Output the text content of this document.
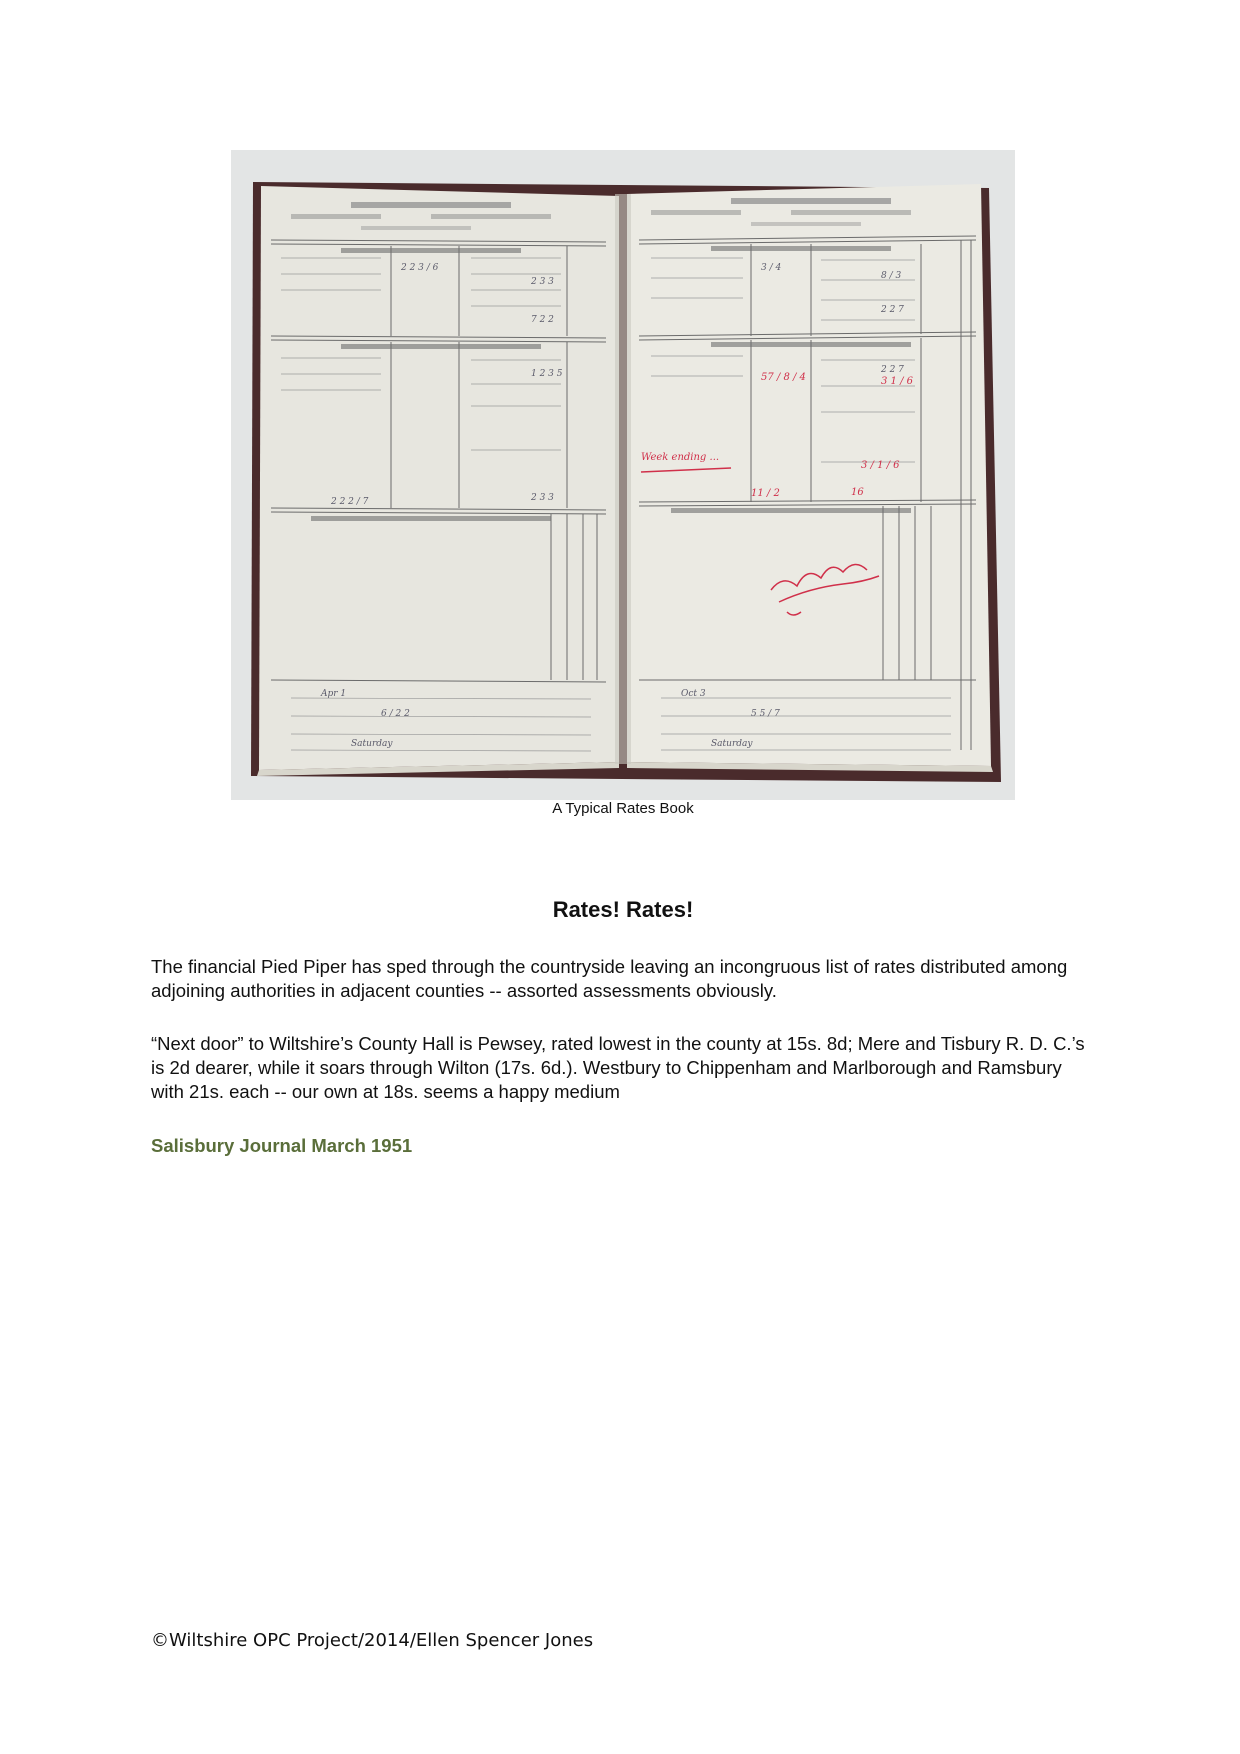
2 2 3 / 6
2 3 3
7 2 2
1 2 3 5
2 3 3
2 2 2 / 7
Apr 1
6 / 2 2
Saturday
3 / 4
8 / 3
2 2 7
2 2 7
Oct 3
5 5 / 7
Saturday
57 / 8 / 4	3 1 / 6
Week ending ...
11 / 2
3 / 1 / 6
16
A Typical Rates Book
Rates! Rates!

The financial Pied Piper has sped through the countryside leaving an incongruous list of rates distributed among adjoining authorities in adjacent counties -- assorted assessments obviously.

“Next door” to Wiltshire’s County Hall is Pewsey, rated lowest in the county at 15s. 8d; Mere and Tisbury R. D. C.’s is 2d dearer, while it soars through Wilton (17s. 6d.). Westbury to Chippenham and Marlborough and Ramsbury with 21s. each -- our own at 18s. seems a happy medium

Salisbury Journal March 1951
©Wiltshire OPC Project/2014/Ellen Spencer Jones
